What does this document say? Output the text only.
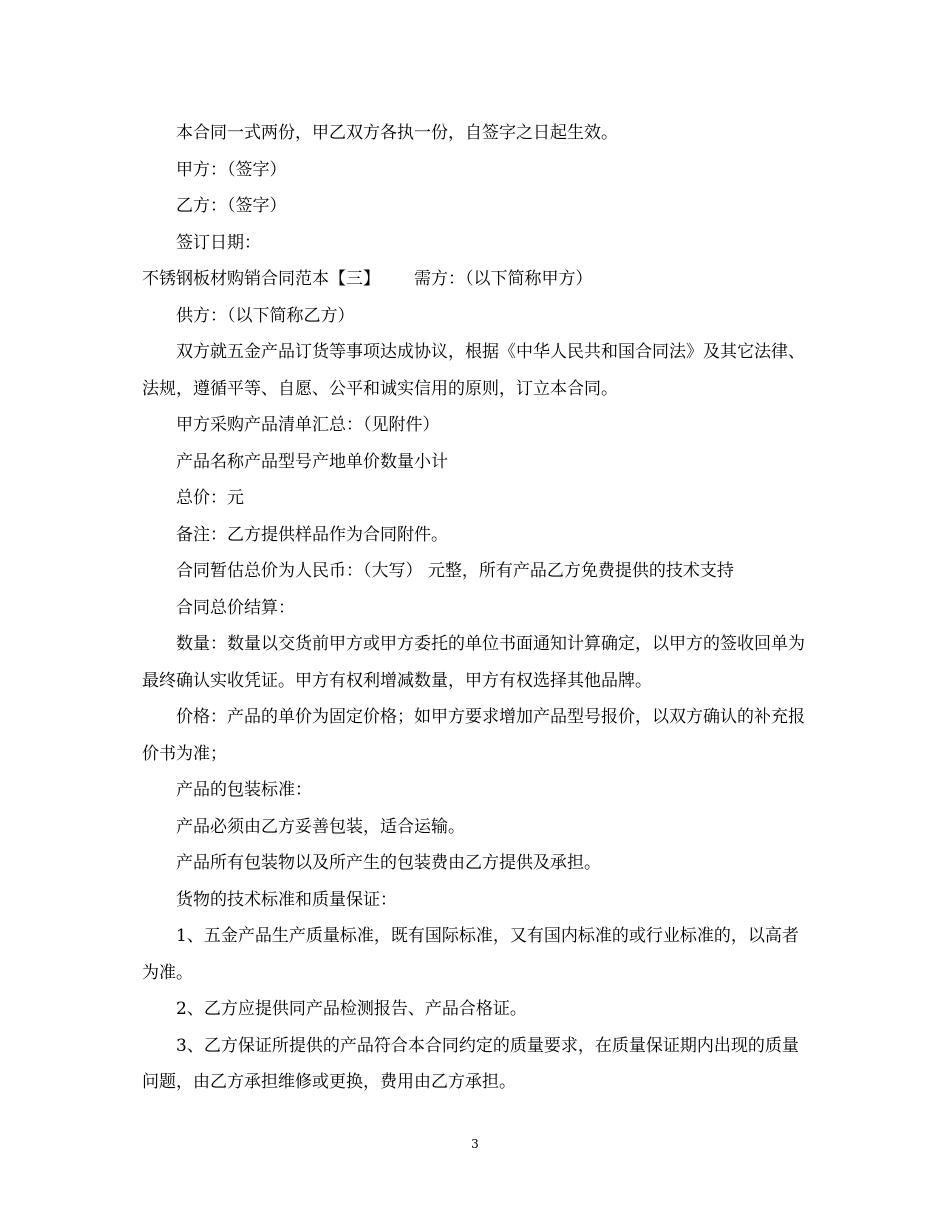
本合同一式两份，甲乙双方各执一份，自签字之日起生效。

甲方：（签字）

乙方：（签字）

签订日期：

不锈钢板材购销合同范本【三】 需方：（以下简称甲方）

供方：（以下简称乙方）

双方就五金产品订货等事项达成协议，根据《中华人民共和国合同法》及其它法律、法规，遵循平等、自愿、公平和诚实信用的原则，订立本合同。

甲方采购产品清单汇总：（见附件）

产品名称产品型号产地单价数量小计

总价：元

备注：乙方提供样品作为合同附件。

合同暂估总价为人民币：（大写） 元整，所有产品乙方免费提供的技术支持

合同总价结算：

数量：数量以交货前甲方或甲方委托的单位书面通知计算确定，以甲方的签收回单为最终确认实收凭证。甲方有权利增减数量，甲方有权选择其他品牌。

价格：产品的单价为固定价格；如甲方要求增加产品型号报价，以双方确认的补充报价书为准；

产品的包装标准：

产品必须由乙方妥善包装，适合运输。

产品所有包装物以及所产生的包装费由乙方提供及承担。

货物的技术标准和质量保证：

1、五金产品生产质量标准，既有国际标准，又有国内标准的或行业标准的，以高者为准。

2、乙方应提供同产品检测报告、产品合格证。

3、乙方保证所提供的产品符合本合同约定的质量要求，在质量保证期内出现的质量问题，由乙方承担维修或更换，费用由乙方承担。

3
